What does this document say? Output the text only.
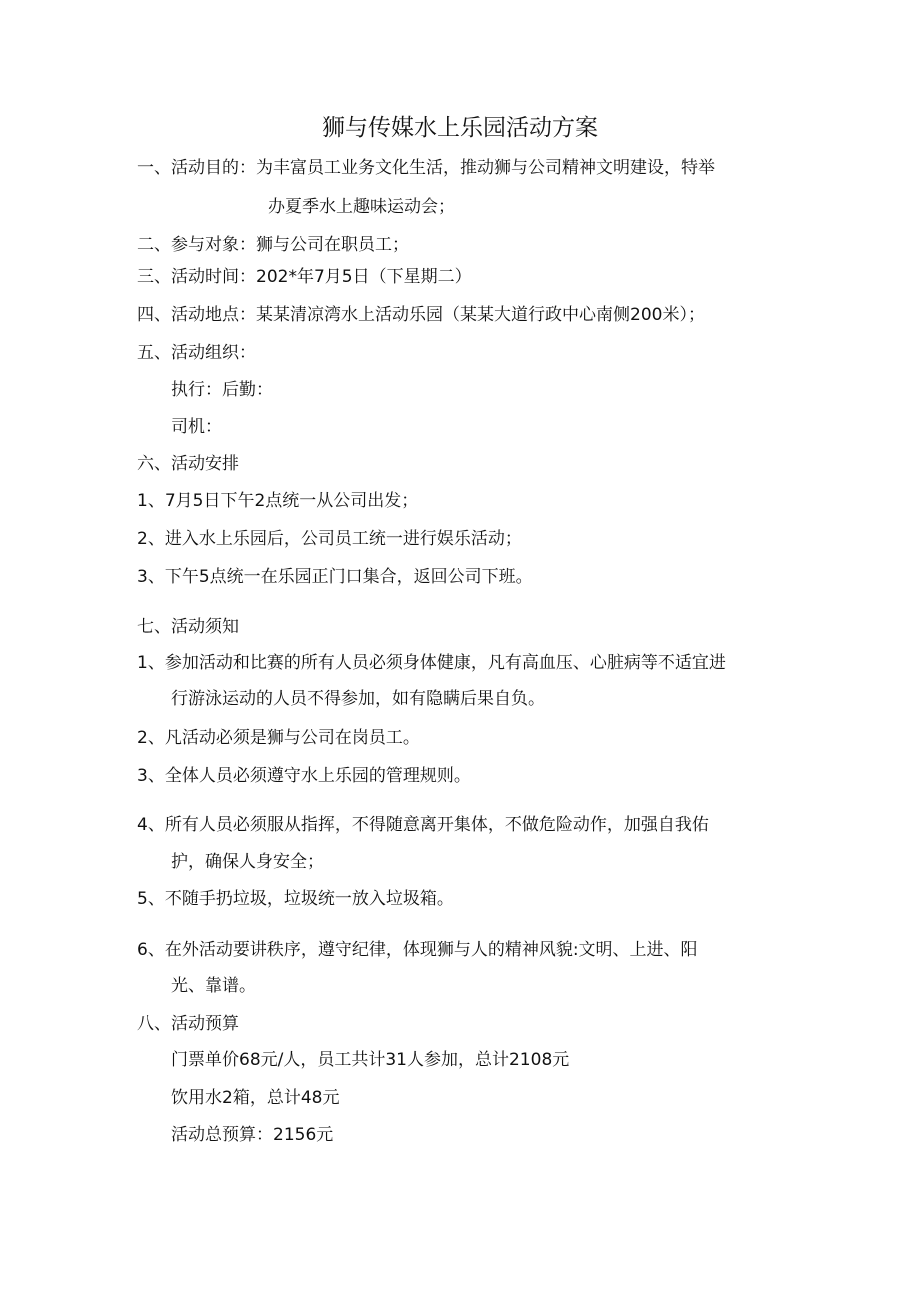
狮与传媒水上乐园活动方案
一、活动目的：为丰富员工业务文化生活，推动狮与公司精神文明建设，特举
办夏季水上趣味运动会；
二、参与对象：狮与公司在职员工；
三、活动时间：202*年7月5日（下星期二）
四、活动地点：某某清凉湾水上活动乐园（某某大道行政中心南侧200米）；
五、活动组织：
执行：后勤：
司机：
六、活动安排
1、7月5日下午2点统一从公司出发；
2、进入水上乐园后，公司员工统一进行娱乐活动；
3、下午5点统一在乐园正门口集合，返回公司下班。
七、活动须知
1、参加活动和比赛的所有人员必须身体健康，凡有高血压、心脏病等不适宜进
行游泳运动的人员不得参加，如有隐瞒后果自负。
2、凡活动必须是狮与公司在岗员工。
3、全体人员必须遵守水上乐园的管理规则。
4、所有人员必须服从指挥，不得随意离开集体，不做危险动作，加强自我佑
护，确保人身安全；
5、不随手扔垃圾，垃圾统一放入垃圾箱。
6、在外活动要讲秩序，遵守纪律，体现狮与人的精神风貌:文明、上进、阳
光、靠谱。
八、活动预算
门票单价68元/人，员工共计31人参加，总计2108元
饮用水2箱，总计48元
活动总预算：2156元
